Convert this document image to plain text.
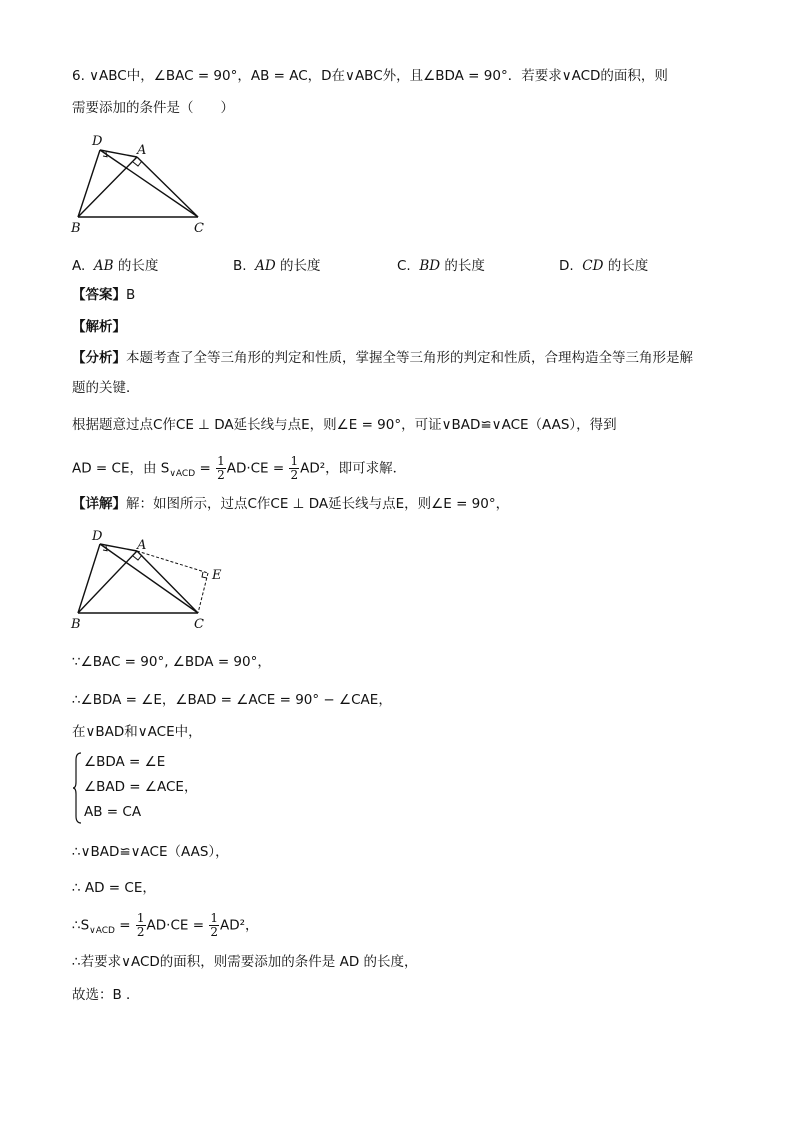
6. ∨ABC中，∠BAC = 90°，AB = AC，D在∨ABC外，且∠BDA = 90°．若要求∨ACD的面积，则
需要添加的条件是（　　）
D
A
B	C
A. AB 的长度	B. AD 的长度	C. BD 的长度	D. CD 的长度
【答案】B
【解析】
【分析】本题考查了全等三角形的判定和性质，掌握全等三角形的判定和性质，合理构造全等三角形是解
题的关键．
根据题意过点C作CE ⊥ DA延长线与点E，则∠E = 90°，可证∨BAD≌∨ACE（AAS），得到
AD = CE，由 $S_{\vee ACD} = \frac{1}{2} AD\cdot CE = \frac{1}{2} AD^2$，即可求解．
【详解】解：如图所示，过点C作CE ⊥ DA延长线与点E，则∠E = 90°，
D
A
E
B	C
∵∠BAC = 90°, ∠BDA = 90°，
∴∠BDA = ∠E，∠BAD = ∠ACE = 90° − ∠CAE，
在∨BAD和∨ACE中，
∠BDA = ∠E
∠BAD = ∠ACE，
AB = CA
∴∨BAD≌∨ACE（AAS），
∴ AD = CE，
$\therefore S_{\vee ACD} = \frac{1}{2} AD\cdot CE = \frac{1}{2} AD^2$，
∴若要求∨ACD的面积，则需要添加的条件是 AD 的长度，
故选：B ．
